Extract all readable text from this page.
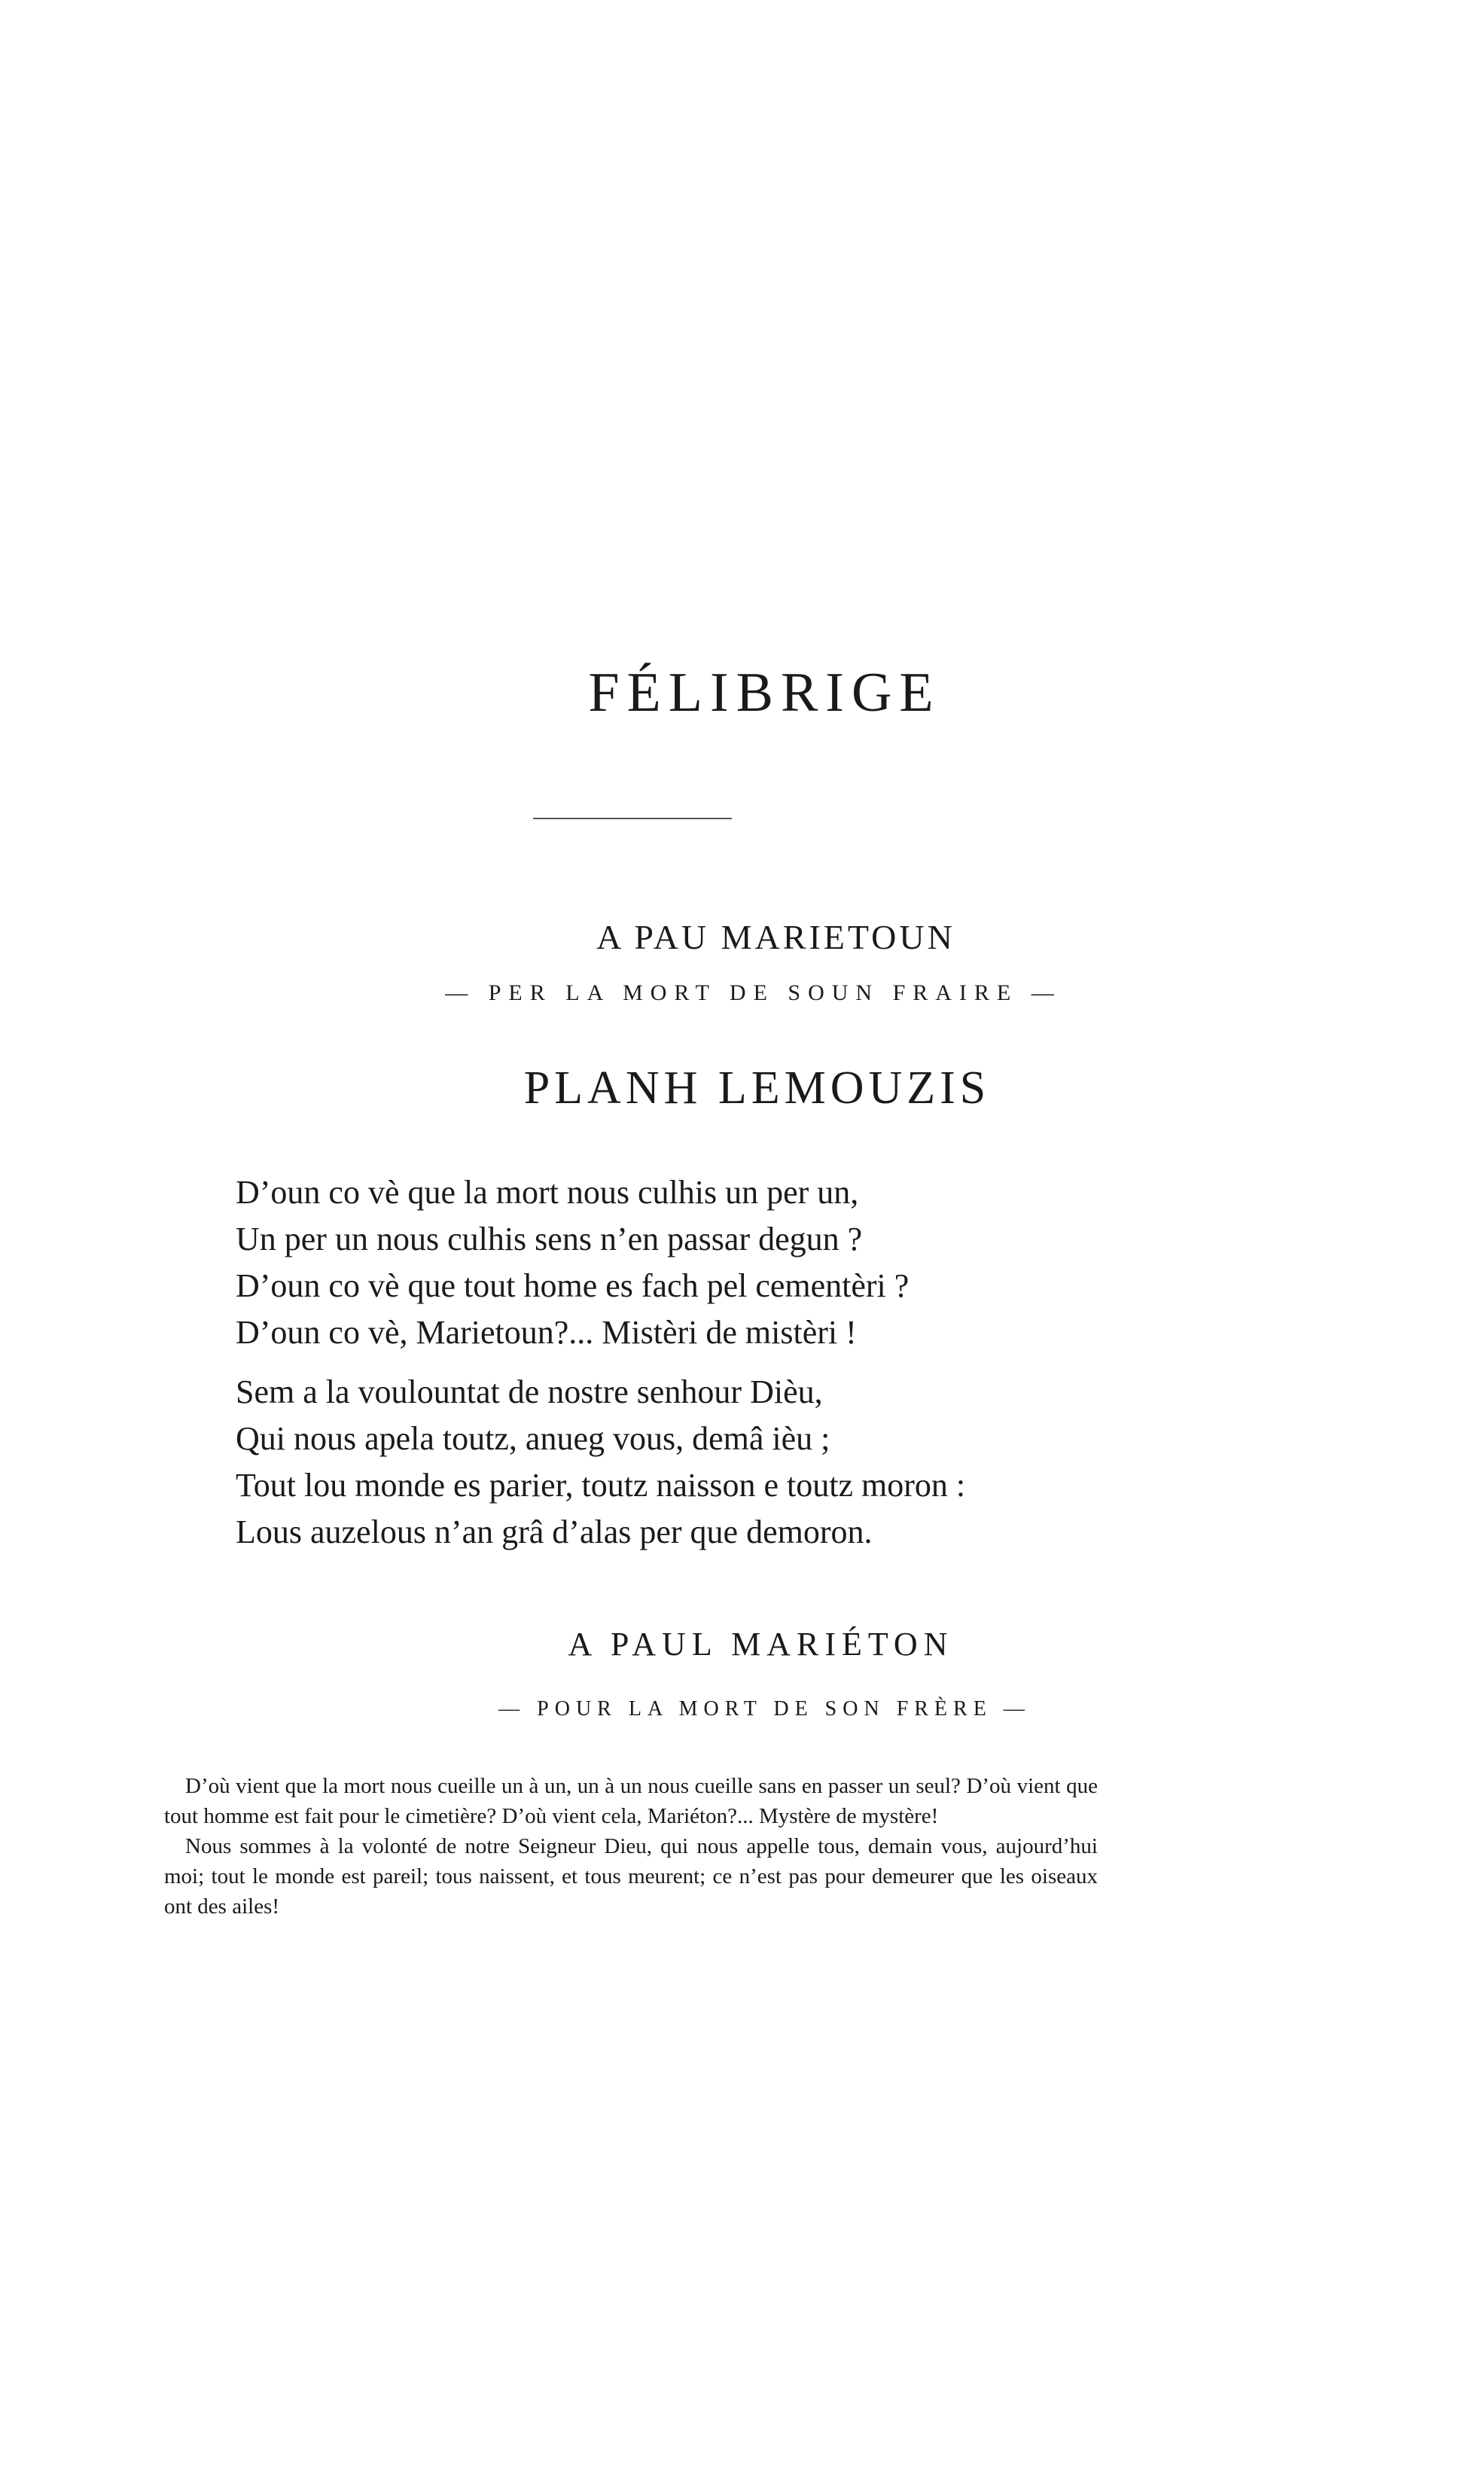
FÉLIBRIGE
A PAU MARIETOUN
— PER LA MORT DE SOUN FRAIRE —
PLANH LEMOUZIS
D’oun co vè que la mort nous culhis un per un,
Un per un nous culhis sens n’en passar degun ?
D’oun co vè que tout home es fach pel cementèri ?
D’oun co vè, Marietoun?... Mistèri de mistèri !
Sem a la voulountat de nostre senhour Dièu,
Qui nous apela toutz, anueg vous, demâ ièu ;
Tout lou monde es parier, toutz naisson e toutz moron :
Lous auzelous n’an grâ d’alas per que demoron.
A PAUL MARIÉTON
— POUR LA MORT DE SON FRÈRE —

D’où vient que la mort nous cueille un à un, un à un nous cueille sans en passer un seul? D’où vient que tout homme est fait pour le cimetière? D’où vient cela, Mariéton?... Mystère de mystère!

Nous sommes à la volonté de notre Seigneur Dieu, qui nous appelle tous, demain vous, aujourd’hui moi; tout le monde est pareil; tous naissent, et tous meurent; ce n’est pas pour demeurer que les oiseaux ont des ailes!
